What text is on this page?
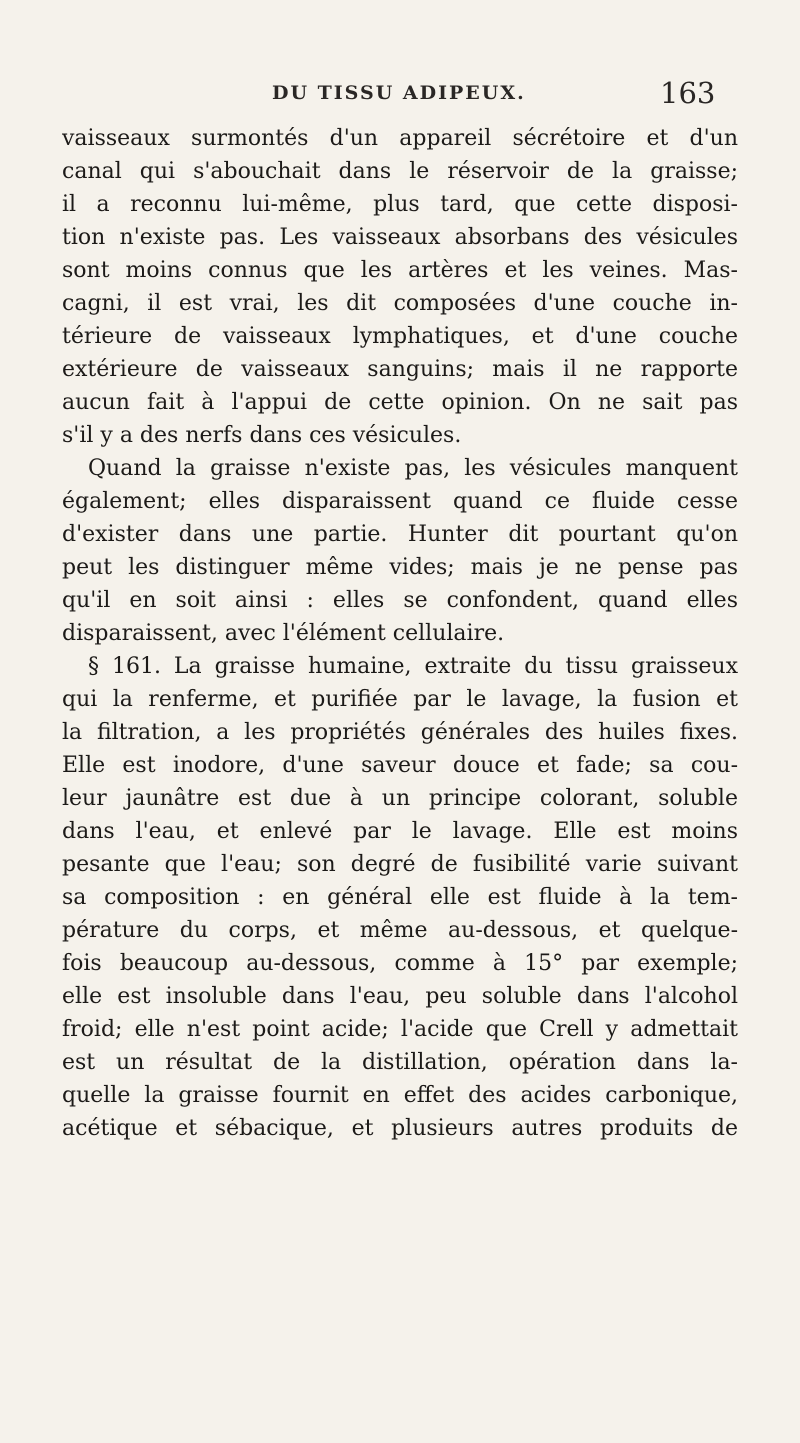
DU TISSU ADIPEUX.	163
vaisseaux surmontés d'un appareil sécrétoire et d'un
canal qui s'abouchait dans le réservoir de la graisse;
il a reconnu lui-même, plus tard, que cette disposi-
tion n'existe pas. Les vaisseaux absorbans des vésicules
sont moins connus que les artères et les veines. Mas-
cagni, il est vrai, les dit composées d'une couche in-
térieure de vaisseaux lymphatiques, et d'une couche
extérieure de vaisseaux sanguins; mais il ne rapporte
aucun fait à l'appui de cette opinion. On ne sait pas
s'il y a des nerfs dans ces vésicules.
Quand la graisse n'existe pas, les vésicules manquent
également; elles disparaissent quand ce fluide cesse
d'exister dans une partie. Hunter dit pourtant qu'on
peut les distinguer même vides; mais je ne pense pas
qu'il en soit ainsi : elles se confondent, quand elles
disparaissent, avec l'élément cellulaire.
§ 161. La graisse humaine, extraite du tissu graisseux
qui la renferme, et purifiée par le lavage, la fusion et
la filtration, a les propriétés générales des huiles fixes.
Elle est inodore, d'une saveur douce et fade; sa cou-
leur jaunâtre est due à un principe colorant, soluble
dans l'eau, et enlevé par le lavage. Elle est moins
pesante que l'eau; son degré de fusibilité varie suivant
sa composition : en général elle est fluide à la tem-
pérature du corps, et même au-dessous, et quelque-
fois beaucoup au-dessous, comme à 15° par exemple;
elle est insoluble dans l'eau, peu soluble dans l'alcohol
froid; elle n'est point acide; l'acide que Crell y admettait
est un résultat de la distillation, opération dans la-
quelle la graisse fournit en effet des acides carbonique,
acétique et sébacique, et plusieurs autres produits de
